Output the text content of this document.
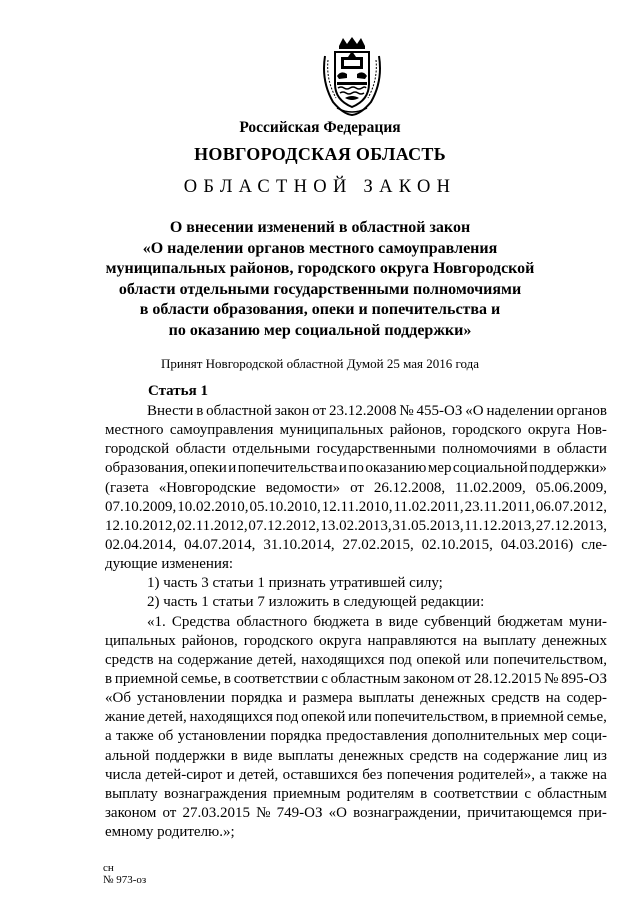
Российская Федерация
НОВГОРОДСКАЯ ОБЛАСТЬ
ОБЛАСТНОЙ ЗАКОН
О внесении изменений в областной закон
«О наделении органов местного самоуправления
муниципальных районов, городского округа Новгородской
области отдельными государственными полномочиями
в области образования, опеки и попечительства и
по оказанию мер социальной поддержки»
Принят Новгородской областной Думой 25 мая 2016 года
Статья 1
Внести в областной закон от 23.12.2008 № 455-ОЗ «О наделении органов
местного самоуправления муниципальных районов, городского округа Нов-
городской области отдельными государственными полномочиями в области
образования, опеки и попечительства и по оказанию мер социальной поддержки»
(газета «Новгородские ведомости» от 26.12.2008, 11.02.2009, 05.06.2009,
07.10.2009, 10.02.2010, 05.10.2010, 12.11.2010, 11.02.2011, 23.11.2011, 06.07.2012,
12.10.2012, 02.11.2012, 07.12.2012, 13.02.2013, 31.05.2013, 11.12.2013, 27.12.2013,
02.04.2014, 04.07.2014, 31.10.2014, 27.02.2015, 02.10.2015, 04.03.2016) сле-
дующие изменения:
1) часть 3 статьи 1 признать утратившей силу;
2) часть 1 статьи 7 изложить в следующей редакции:
«1. Средства областного бюджета в виде субвенций бюджетам муни-
ципальных районов, городского округа направляются на выплату денежных
средств на содержание детей, находящихся под опекой или попечительством,
в приемной семье, в соответствии с областным законом от 28.12.2015 № 895-ОЗ
«Об установлении порядка и размера выплаты денежных средств на содер-
жание детей, находящихся под опекой или попечительством, в приемной семье,
а также об установлении порядка предоставления дополнительных мер соци-
альной поддержки в виде выплаты денежных средств на содержание лиц из
числа детей-сирот и детей, оставшихся без попечения родителей», а также на
выплату вознаграждения приемным родителям в соответствии с областным
законом от 27.03.2015 № 749-ОЗ «О вознаграждении, причитающемся при-
емному родителю.»;
сн
№ 973-оз
